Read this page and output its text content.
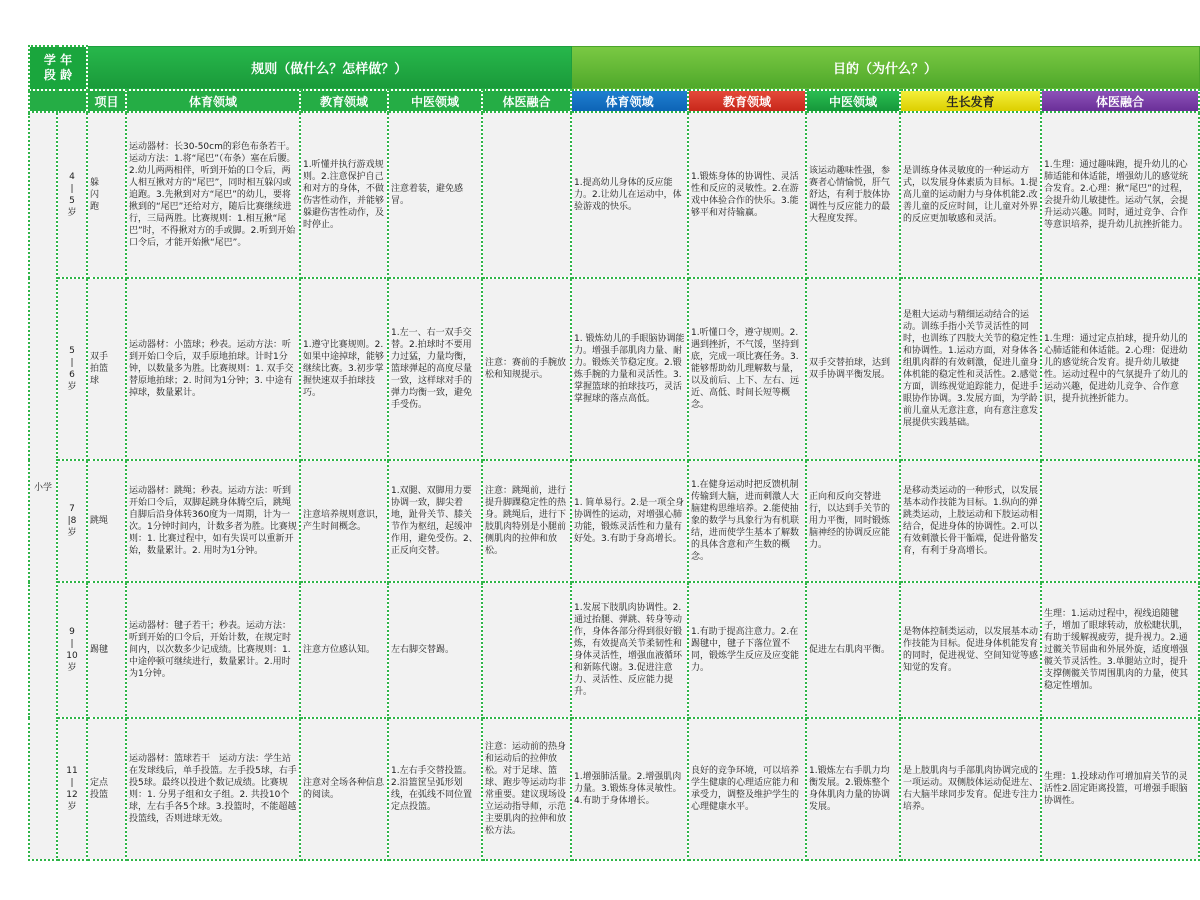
学 年
段 龄		规则（做什么？怎样做？）					目的（为什么？）				
		项目	体育领域	教育领域	中医领域	体医融合	体育领域	教育领域	中医领域	生长发育	体医融合
小学	4
|
5
岁	躲
闪
跑	运动器材：长30-50cm的彩色布条若干。运动方法：1.将“尾巴”（布条）塞在后腰。2.幼儿两两相伴，听到开始的口令后，两人相互揪对方的“尾巴”，同时相互躲闪或追跑。3.先揪到对方“尾巴”的幼儿，要将揪到的“尾巴”还给对方，随后比赛继续进行，三局两胜。比赛规则：1.相互揪“尾巴”时，不得揪对方的手或脚。2.听到开始口令后，才能开始揪“尾巴”。	1.听懂并执行游戏规则。2.注意保护自己和对方的身体，不做伤害性动作，并能够躲避伤害性动作，及时停止。	注意着装，避免感冒。		1.提高幼儿身体的反应能力。2.让幼儿在运动中，体验游戏的快乐。	1.锻炼身体的协调性、灵活性和反应的灵敏性。2.在游戏中体验合作的快乐。3.能够平和对待输赢。	该运动趣味性强，参赛者心情愉悦，肝气舒达，有利于肢体协调性与反应能力的最大程度发挥。	是训练身体灵敏度的一种运动方式，以发展身体素质为目标。1.提高儿童的运动耐力与身体机能2.改善儿童的反应时间，让儿童对外界的反应更加敏感和灵活。	1.生理：通过趣味跑，提升幼儿的心肺适能和体适能，增强幼儿的感觉统合发育。2.心理：揪“尾巴”的过程，会提升幼儿敏捷性。运动气氛，会提升运动兴趣。同时，通过竞争、合作等意识培养，提升幼儿抗挫折能力。
	5
|
6
岁	双手
拍篮
球	运动器材：小篮球；秒表。运动方法：听到开始口令后，双手原地拍球。计时1分钟，以数量多为胜。比赛规则：1. 双手交替原地拍球；2. 时间为1分钟；3. 中途有掉球，数量累计。	1.遵守比赛规则。2.如果中途掉球，能够继续比赛。3.初步掌握快速双手拍球技巧。	1.左一、右一双手交替。2.拍球时不要用力过猛，力量均衡，篮球弹起的高度尽量一致，这样球对手的弹力均衡一致，避免手受伤。	注意：赛前的手腕放松和知规提示。	1. 锻炼幼儿的手眼脑协调能力。增强手部肌肉力量、耐力。锻炼关节稳定度。2.锻炼手腕的力量和灵活性。3.掌握篮球的拍球技巧，灵活掌握球的落点高低。	1.听懂口令，遵守规则。2.遇到挫折，不气馁，坚持到底，完成一项比赛任务。3.能够帮助幼儿理解数与量，以及前后、上下、左右、远近、高低、时间长短等概念。	双手交替拍球，达到双手协调平衡发展。	是粗大运动与精细运动结合的运动。训练手指小关节灵活性的同时，也训练了四肢大关节的稳定性和协调性。1.运动方面，对身体各组肌肉群的有效刺激，促进儿童身体机能的稳定性和灵活性。2.感觉方面，训练视觉追踪能力，促进手眼协作协调。3.发展方面，为学龄前儿童从无意注意，向有意注意发展提供实践基础。	1.生理：通过定点拍球，提升幼儿的心肺适能和体适能。2.心理：促进幼儿的感觉统合发育。提升幼儿敏捷性。运动过程中的气氛提升了幼儿的运动兴趣，促进幼儿竞争、合作意识，提升抗挫折能力。
	7
|8
岁	跳绳	运动器材：跳绳；秒表。运动方法：听到开始口令后，双脚起跳身体腾空后，跳绳自脚后沿身体转360度为一周期，计为一次。1分钟时间内，计数多者为胜。比赛规则：1. 比赛过程中，如有失误可以重新开始，数量累计。2. 用时为1分钟。	注意培养规则意识，产生时间概念。	1.双腿、双脚用力要协调一致，脚尖着地，趾骨关节、膝关节作为枢纽，起缓冲作用，避免受伤。2、正反向交替。	注意：跳绳前，进行提升脚踝稳定性的热身。跳绳后，进行下肢肌肉特别是小腿前侧肌肉的拉伸和放松。	1. 简单易行。2.是一项全身协调性的运动，对增强心肺功能，锻炼灵活性和力量有好处。3.有助于身高增长。	1.在健身运动时把反馈机制传输到大脑，进而刺激人大脑建构思维培养。2.能使抽象的数学与具象行为有机联结，进而使学生基本了解数的具体含意和产生数的概念。	正向和反向交替进行，以达到手关节的用力平衡，同时锻炼脑神经的协调反应能力。	是移动类运动的一种形式，以发展基本动作技能为目标。1.纵向的弹跳类运动，上肢运动和下肢运动相结合，促进身体的协调性。2.可以有效刺激长骨干骺端，促进骨骼发育，有利于身高增长。	
	9
|
10
岁	踢毽	运动器材：毽子若干；秒表。运动方法：听到开始的口令后，开始计数，在规定时间内，以次数多少记成绩。比赛规则：1.中途停顿可继续进行，数量累计。2.用时为1分钟。	注意方位感认知。	左右脚交替踢。		1.发展下肢肌肉协调性。2.通过抬腿、弹跳、转身等动作，身体各部分得到很好锻炼，有效提高关节柔韧性和身体灵活性，增强血液循环和新陈代谢。3.促进注意力、灵活性、反应能力提升。	1.有助于提高注意力。2.在踢毽中，毽子下落位置不同，锻炼学生反应及应变能力。	促进左右肌肉平衡。	是物体控制类运动，以发展基本动作技能为目标。促进身体机能发育的同时，促进视觉、空间知觉等感知觉的发育。	生理：1.运动过程中，视线追随毽子，增加了眼球转动，放松睫状肌，有助于缓解视疲劳，提升视力。2.通过髋关节屈曲和外展外旋，适度增强髋关节灵活性。3.单腿站立时，提升支撑侧髋关节周围肌肉的力量，使其稳定性增加。
	11
|
12
岁	定点
投篮	运动器材：篮球若干　运动方法：学生站在发球线后，单手投篮。左手投5球，右手投5球。最终以投进个数记成绩。比赛规则：1. 分男子组和女子组。2. 共投10个球，左右手各5个球。3.投篮时，不能超越投篮线，否则进球无效。	注意对全场各种信息的阅读。	1.左右手交替投篮。2.沿篮筐呈弧形划线，在弧线不同位置定点投篮。	注意：运动前的热身和运动后的拉伸放松。对于足球、篮球、跑步等运动均非常重要。建议现场设立运动指导师，示范主要肌肉的拉伸和放松方法。	1.增强肺活量。2.增强肌肉力量。3.锻炼身体灵敏性。4.有助于身体增长。	良好的竞争环境，可以培养学生健康的心理适应能力和承受力，调整及维护学生的心理健康水平。	1.锻炼左右手肌力均衡发展。2.锻炼整个身体肌肉力量的协调发展。	是上肢肌肉与手部肌肉协调完成的一项运动。双侧肢体运动促进左、右大脑半球同步发育。促进专注力培养。	生理：1.投球动作可增加肩关节的灵活性2.固定距离投篮，可增强手眼脑协调性。
